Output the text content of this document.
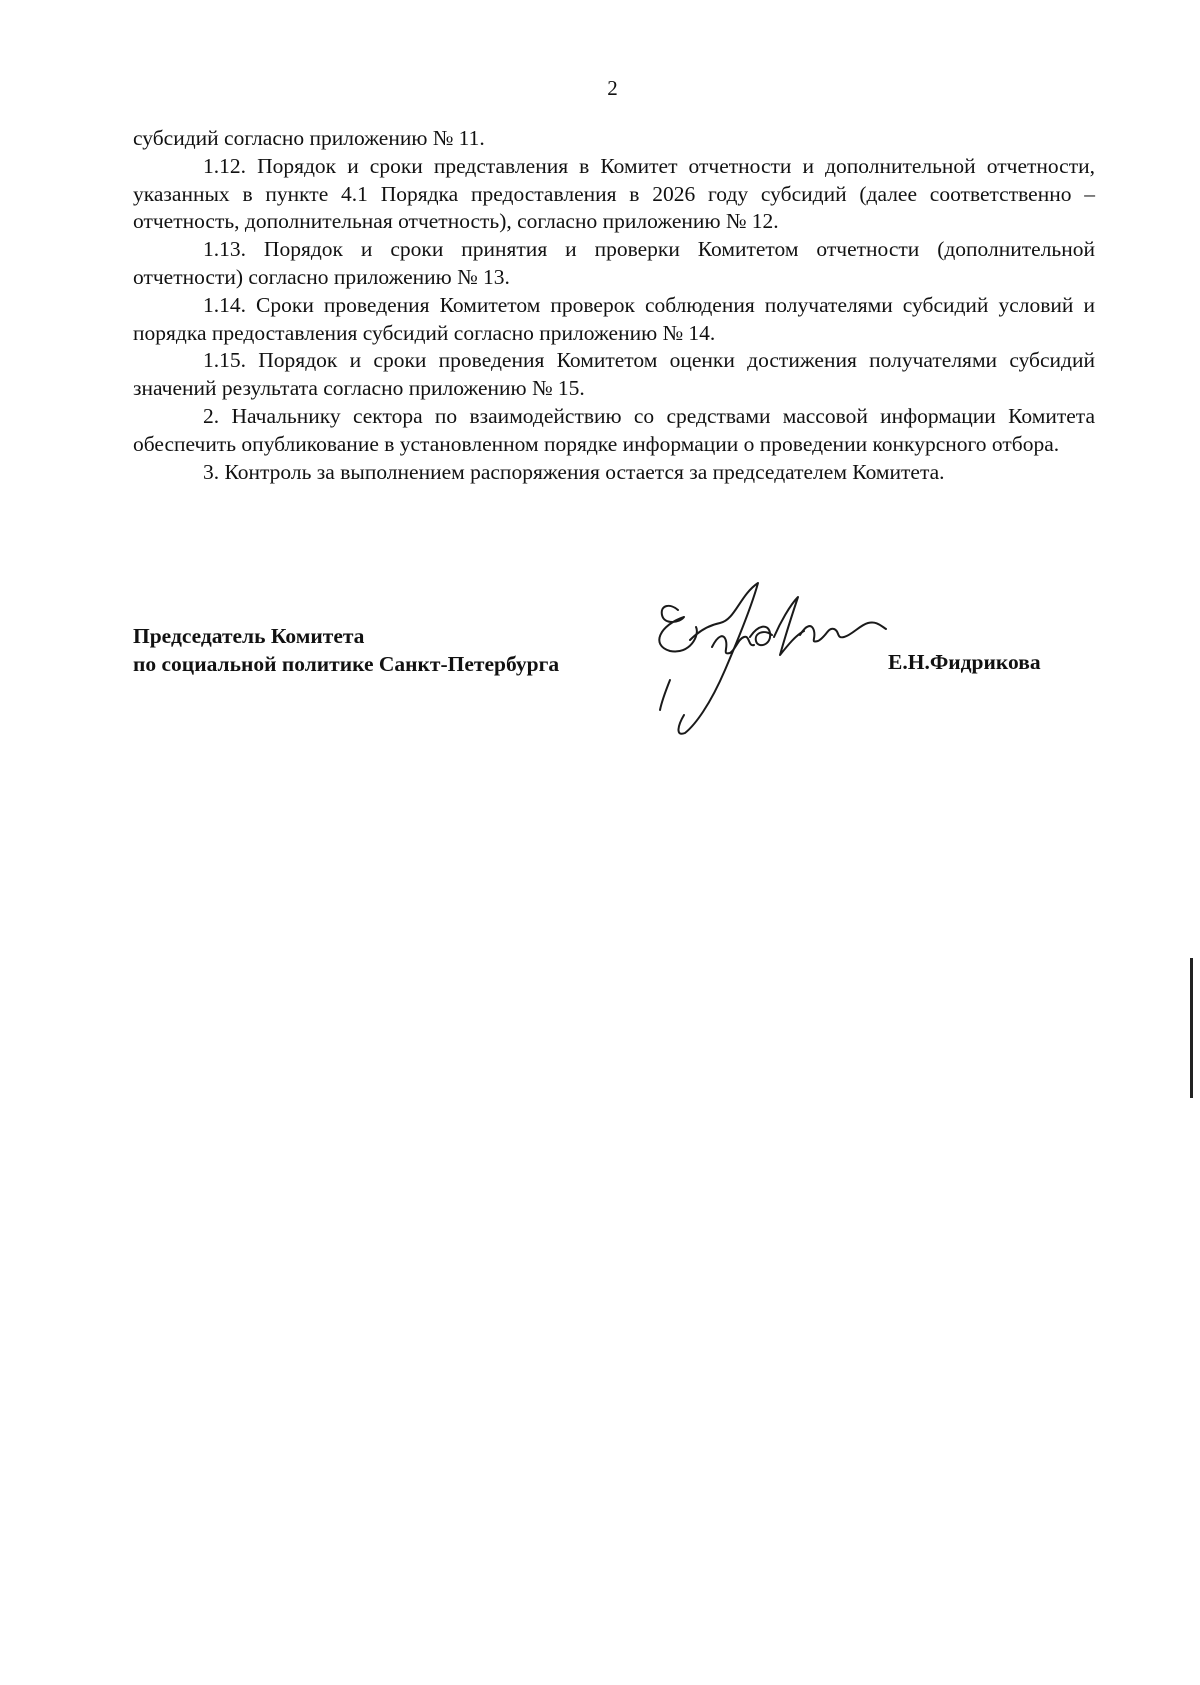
2

субсидий согласно приложению № 11.

1.12. Порядок и сроки представления в Комитет отчетности и дополнительной отчетности, указанных в пункте 4.1 Порядка предоставления в 2026 году субсидий (далее соответственно – отчетность, дополнительная отчетность), согласно приложению № 12.

1.13. Порядок и сроки принятия и проверки Комитетом отчетности (дополнительной отчетности) согласно приложению № 13.

1.14. Сроки проведения Комитетом проверок соблюдения получателями субсидий условий и порядка предоставления субсидий согласно приложению № 14.

1.15. Порядок и сроки проведения Комитетом оценки достижения получателями субсидий значений результата согласно приложению № 15.

2. Начальнику сектора по взаимодействию со средствами массовой информации Комитета обеспечить опубликование в установленном порядке информации о проведении конкурсного отбора.

3. Контроль за выполнением распоряжения остается за председателем Комитета.

Председатель Комитета
по социальной политике Санкт-Петербурга	Е.Н.Фидрикова
